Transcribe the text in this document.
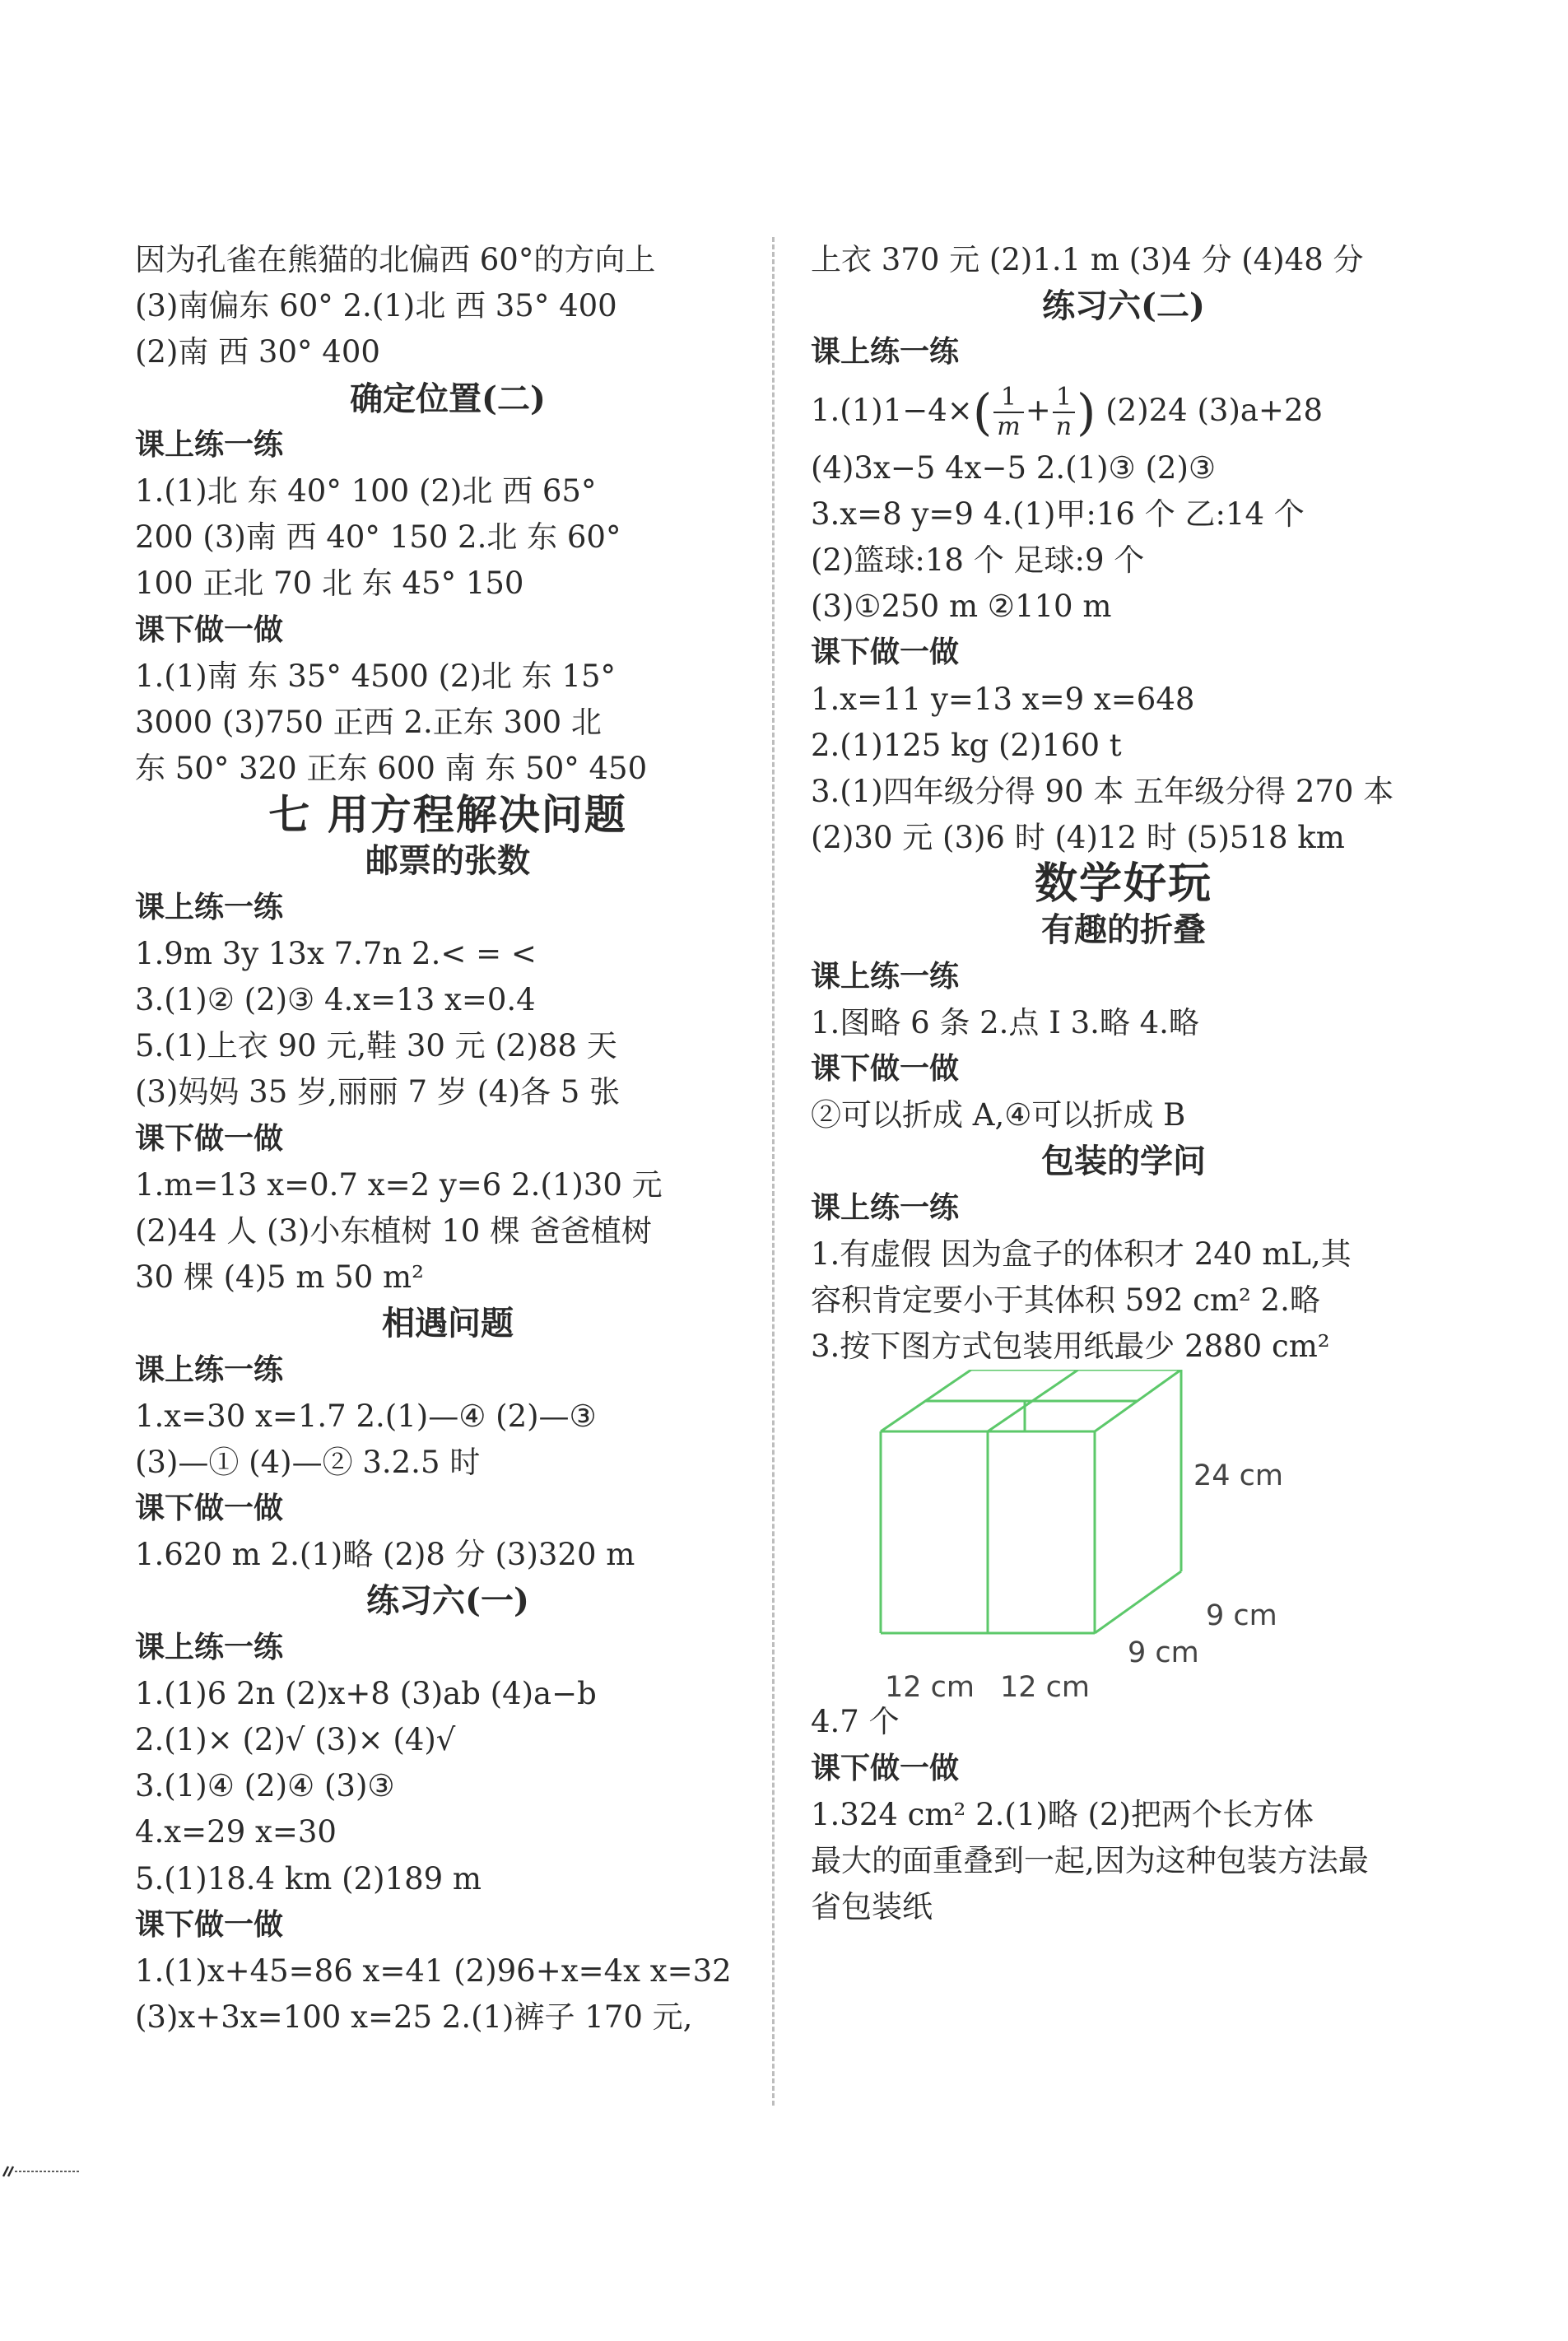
因为孔雀在熊猫的北偏西 60°的方向上
(3)南偏东 60° 2.(1)北 西 35° 400
(2)南 西 30° 400
确定位置(二)
课上练一练
1.(1)北 东 40° 100 (2)北 西 65°
200 (3)南 西 40° 150 2.北 东 60°
100 正北 70 北 东 45° 150
课下做一做
1.(1)南 东 35° 4500 (2)北 东 15°
3000 (3)750 正西 2.正东 300 北
东 50° 320 正东 600 南 东 50° 450
七 用方程解决问题
邮票的张数
课上练一练
1.9m 3y 13x 7.7n 2.< = <
3.(1)② (2)③ 4.x=13 x=0.4
5.(1)上衣 90 元,鞋 30 元 (2)88 天
(3)妈妈 35 岁,丽丽 7 岁 (4)各 5 张
课下做一做
1.m=13 x=0.7 x=2 y=6 2.(1)30 元
(2)44 人 (3)小东植树 10 棵 爸爸植树
30 棵 (4)5 m 50 m²
相遇问题
课上练一练
1.x=30 x=1.7 2.(1)—④ (2)—③
(3)—① (4)—② 3.2.5 时
课下做一做
1.620 m 2.(1)略 (2)8 分 (3)320 m
练习六(一)
课上练一练
1.(1)6 2n (2)x+8 (3)ab (4)a−b
2.(1)× (2)√ (3)× (4)√
3.(1)④ (2)④ (3)③
4.x=29 x=30
5.(1)18.4 km (2)189 m
课下做一做
1.(1)x+45=86 x=41 (2)96+x=4x x=32
(3)x+3x=100 x=25 2.(1)裤子 170 元,
上衣 370 元 (2)1.1 m (3)4 分 (4)48 分
练习六(二)
课上练一练
$1.(1)1-4\times( \frac{1}{m} + \frac{1}{n}$ ) (2)24 (3)a+28
(4)3x−5 4x−5 2.(1)③ (2)③
3.x=8 y=9 4.(1)甲:16 个 乙:14 个
(2)篮球:18 个 足球:9 个
(3)①250 m ②110 m
课下做一做
1.x=11 y=13 x=9 x=648
2.(1)125 kg (2)160 t
3.(1)四年级分得 90 本 五年级分得 270 本
(2)30 元 (3)6 时 (4)12 时 (5)518 km
数学好玩
有趣的折叠
课上练一练
1.图略 6 条 2.点 I 3.略 4.略
课下做一做
②可以折成 A,④可以折成 B
包装的学问
课上练一练
1.有虚假 因为盒子的体积才 240 mL,其
容积肯定要小于其体积 592 cm² 2.略
3.按下图方式包装用纸最少 2880 cm²
24 cm
9 cm
9 cm
12 cm 12 cm
4.7 个
课下做一做
1.324 cm² 2.(1)略 (2)把两个长方体
最大的面重叠到一起,因为这种包装方法最
省包装纸
